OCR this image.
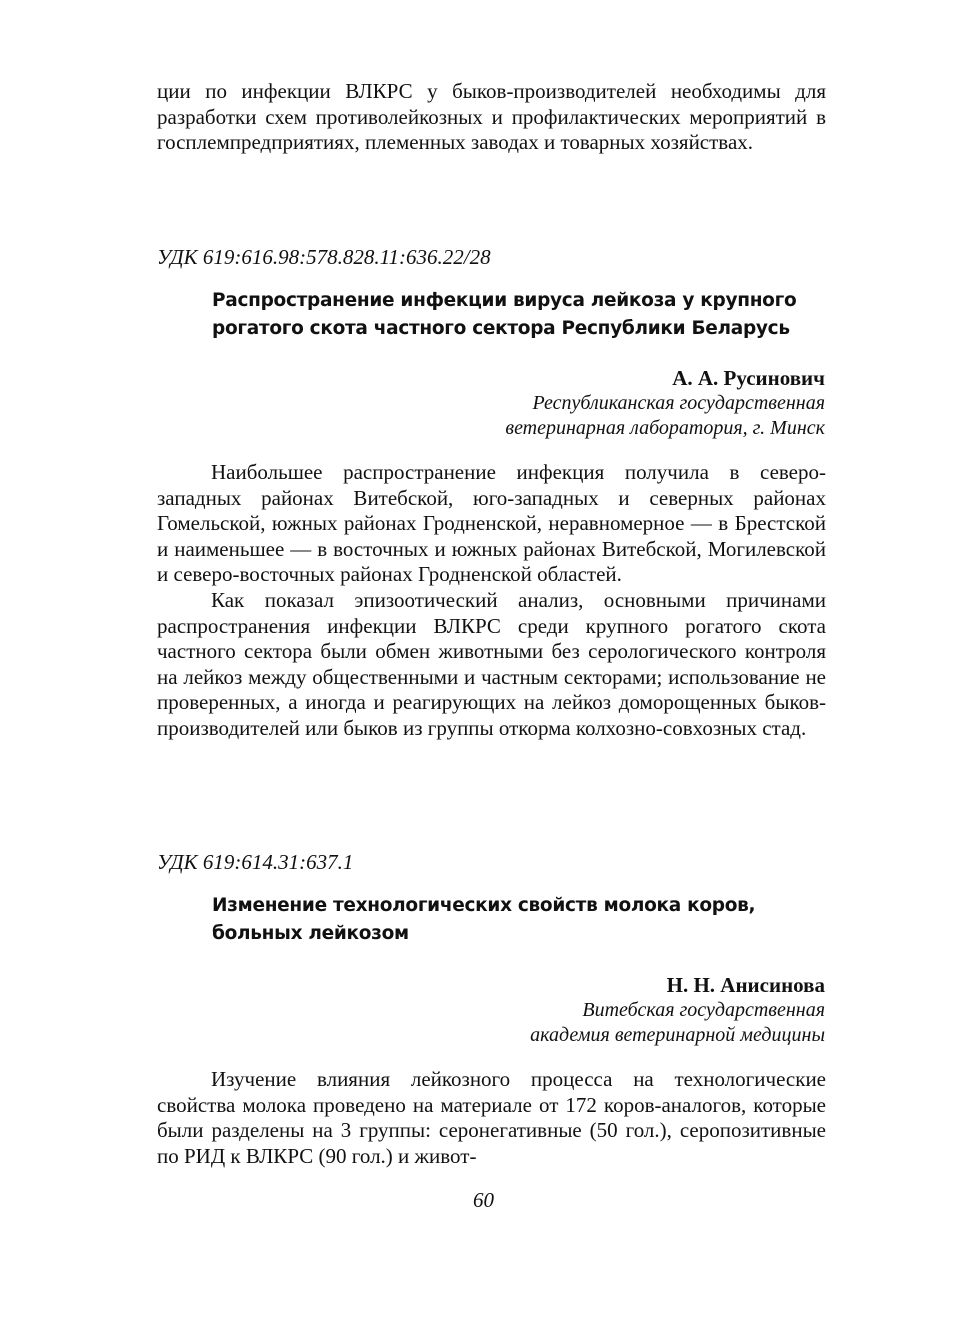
ции по инфекции ВЛКРС у быков-производителей необходимы для разработки схем противолейкозных и профилактических мероприятий в госплемпредприятиях, племенных заводах и товарных хозяйствах.

УДК 619:616.98:578.828.11:636.22/28
Распространение инфекции вируса лейкоза у крупного
рогатого скота частного сектора Республики Беларусь
А. А. Русинович
Республиканская государственная
ветеринарная лаборатория, г. Минск

Наибольшее распространение инфекция получила в северо-западных районах Витебской, юго-западных и северных районах Гомельской, южных районах Гродненской, неравномерное — в Брестской и наименьшее — в восточных и южных районах Витебской, Могилевской и северо-восточных районах Гродненской областей.

Как показал эпизоотический анализ, основными причинами распространения инфекции ВЛКРС среди крупного рогатого скота частного сектора были обмен животными без серологического контроля на лейкоз между общественными и частным секторами; использование не проверенных, а иногда и реагирующих на лейкоз доморощенных быков-производителей или быков из группы откорма колхозно-совхозных стад.

УДК 619:614.31:637.1
Изменение технологических свойств молока коров,
больных лейкозом
Н. Н. Анисинова
Витебская государственная
академия ветеринарной медицины

Изучение влияния лейкозного процесса на технологические свойства молока проведено на материале от 172 коров-аналогов, которые были разделены на 3 группы: серонегативные (50 гол.), серопозитивные по РИД к ВЛКРС (90 гол.) и живот-

60
